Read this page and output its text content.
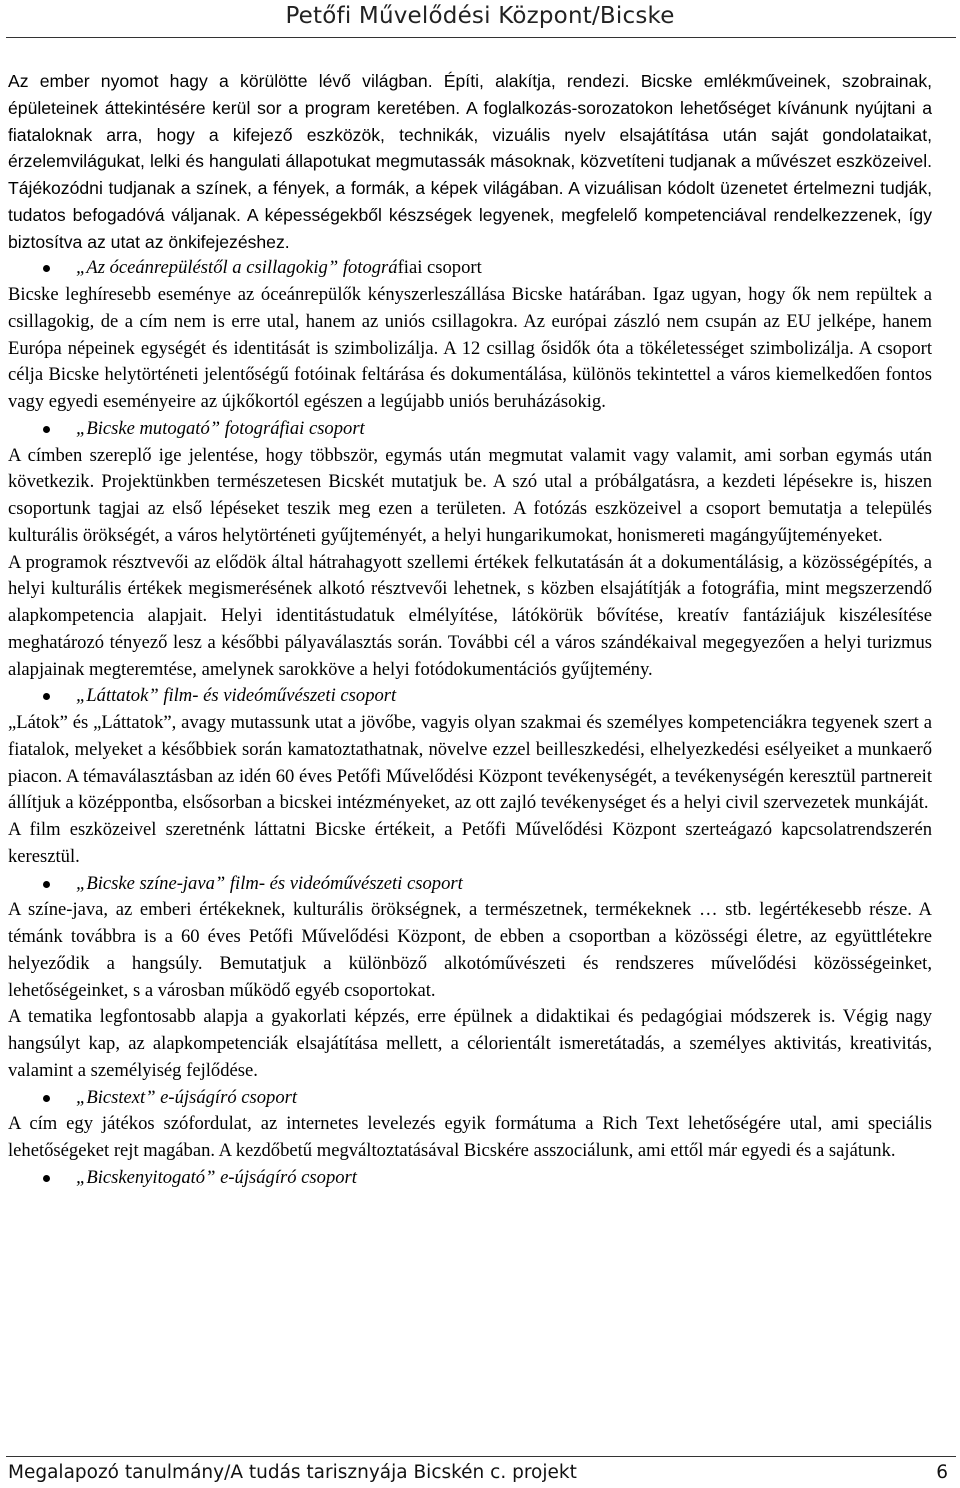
Petőfi Művelődési Központ/Bicske

Az ember nyomot hagy a körülötte lévő világban. Építi, alakítja, rendezi. Bicske emlékműveinek, szobrainak, épületeinek áttekintésére kerül sor a program keretében. A foglalkozás-sorozatokon lehetőséget kívánunk nyújtani a fiataloknak arra, hogy a kifejező eszközök, technikák, vizuális nyelv elsajátítása után saját gondolataikat, érzelemvilágukat, lelki és hangulati állapotukat megmutassák másoknak, közvetíteni tudjanak a művészet eszközeivel. Tájékozódni tudjanak a színek, a fények, a formák, a képek világában. A vizuálisan kódolt üzenetet értelmezni tudják, tudatos befogadóvá váljanak. A képességekből készségek legyenek, megfelelő kompetenciával rendelkezzenek, így biztosítva az utat az önkifejezéshez.

„Az óceánrepüléstől a csillagokig” fotográfiai csoport

Bicske leghíresebb eseménye az óceánrepülők kényszerleszállása Bicske határában. Igaz ugyan, hogy ők nem repültek a csillagokig, de a cím nem is erre utal, hanem az uniós csillagokra. Az európai zászló nem csupán az EU jelképe, hanem Európa népeinek egységét és identitását is szimbolizálja. A 12 csillag ősidők óta a tökéletességet szimbolizálja. A csoport célja Bicske helytörténeti jelentőségű fotóinak feltárása és dokumentálása, különös tekintettel a város kiemelkedően fontos vagy egyedi eseményeire az újkőkortól egészen a legújabb uniós beruházásokig.

„Bicske mutogató” fotográfiai csoport

A címben szereplő ige jelentése, hogy többször, egymás után megmutat valamit vagy valamit, ami sorban egymás után következik. Projektünkben természetesen Bicskét mutatjuk be. A szó utal a próbálgatásra, a kezdeti lépésekre is, hiszen csoportunk tagjai az első lépéseket teszik meg ezen a területen. A fotózás eszközeivel a csoport bemutatja a település kulturális örökségét, a város helytörténeti gyűjteményét, a helyi hungarikumokat, honismereti magángyűjteményeket.

A programok résztvevői az elődök által hátrahagyott szellemi értékek felkutatásán át a dokumentálásig, a közösségépítés, a helyi kulturális értékek megismerésének alkotó résztvevői lehetnek, s közben elsajátítják a fotográfia, mint megszerzendő alapkompetencia alapjait. Helyi identitástudatuk elmélyítése, látókörük bővítése, kreatív fantáziájuk kiszélesítése meghatározó tényező lesz a későbbi pályaválasztás során. További cél a város szándékaival megegyezően a helyi turizmus alapjainak megteremtése, amelynek sarokköve a helyi fotódokumentációs gyűjtemény.

„Láttatok” film- és videóművészeti csoport

„Látok” és „Láttatok”, avagy mutassunk utat a jövőbe, vagyis olyan szakmai és személyes kompetenciákra tegyenek szert a fiatalok, melyeket a későbbiek során kamatoztathatnak, növelve ezzel beilleszkedési, elhelyezkedési esélyeiket a munkaerő piacon. A témaválasztásban az idén 60 éves Petőfi Művelődési Központ tevékenységét, a tevékenységén keresztül partnereit állítjuk a középpontba, elsősorban a bicskei intézményeket, az ott zajló tevékenységet és a helyi civil szervezetek munkáját.

A film eszközeivel szeretnénk láttatni Bicske értékeit, a Petőfi Művelődési Központ szerteágazó kapcsolatrendszerén keresztül.

„Bicske színe-java” film- és videóművészeti csoport

A színe-java, az emberi értékeknek, kulturális örökségnek, a természetnek, termékeknek … stb. legértékesebb része. A témánk továbbra is a 60 éves Petőfi Művelődési Központ, de ebben a csoportban a közösségi életre, az együttlétekre helyeződik a hangsúly. Bemutatjuk a különböző alkotóművészeti és rendszeres művelődési közösségeinket, lehetőségeinket, s a városban működő egyéb csoportokat.

A tematika legfontosabb alapja a gyakorlati képzés, erre épülnek a didaktikai és pedagógiai módszerek is. Végig nagy hangsúlyt kap, az alapkompetenciák elsajátítása mellett, a célorientált ismeretátadás, a személyes aktivitás, kreativitás, valamint a személyiség fejlődése.

„Bicstext” e-újságíró csoport

A cím egy játékos szófordulat, az internetes levelezés egyik formátuma a Rich Text lehetőségére utal, ami speciális lehetőségeket rejt magában. A kezdőbetű megváltoztatásával Bicskére asszociálunk, ami ettől már egyedi és a sajátunk.

„Bicskenyitogató” e-újságíró csoport

Megalapozó tanulmány/A tudás tarisznyája Bicskén c. projekt	6
